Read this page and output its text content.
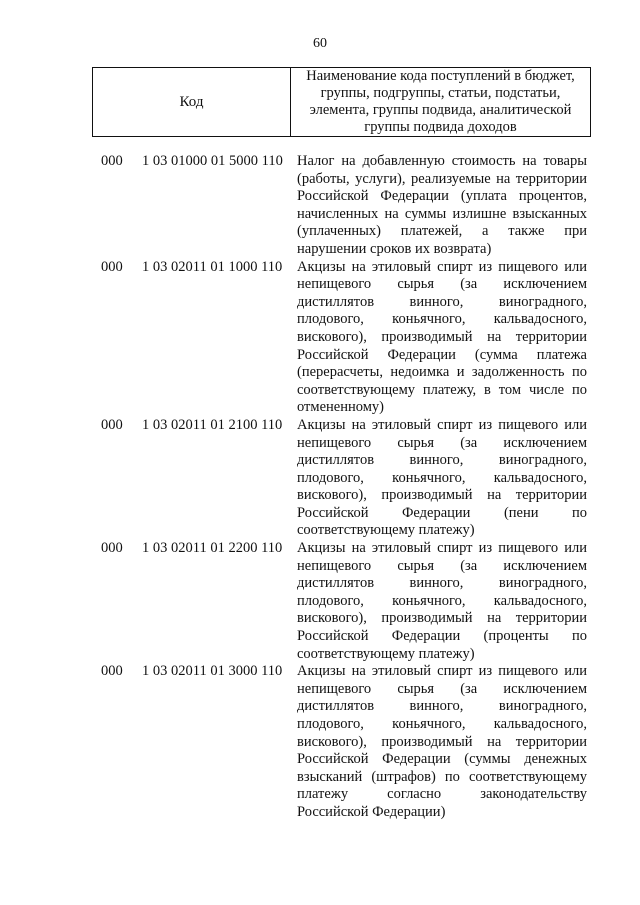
60
Код
Наименование кода поступлений в бюджет, группы, подгруппы, статьи, подстатьи, элемента, группы подвида, аналитической группы подвида доходов
000 1 03 01000 01 5000 110 Налог на добавленную стоимость на товары (работы, услуги), реализуемые на территории Российской Федерации (уплата процентов, начисленных на суммы излишне взысканных (уплаченных) платежей, а также при нарушении сроков их возврата)
000 1 03 02011 01 1000 110 Акцизы на этиловый спирт из пищевого или непищевого сырья (за исключением дистиллятов винного, виноградного, плодового, коньячного, кальвадосного, вискового), производимый на территории Российской Федерации (сумма платежа (перерасчеты, недоимка и задолженность по соответствующему платежу, в том числе по отмененному)
000 1 03 02011 01 2100 110 Акцизы на этиловый спирт из пищевого или непищевого сырья (за исключением дистиллятов винного, виноградного, плодового, коньячного, кальвадосного, вискового), производимый на территории Российской Федерации (пени по соответствующему платежу)
000 1 03 02011 01 2200 110 Акцизы на этиловый спирт из пищевого или непищевого сырья (за исключением дистиллятов винного, виноградного, плодового, коньячного, кальвадосного, вискового), производимый на территории Российской Федерации (проценты по соответствующему платежу)
000 1 03 02011 01 3000 110 Акцизы на этиловый спирт из пищевого или непищевого сырья (за исключением дистиллятов винного, виноградного, плодового, коньячного, кальвадосного, вискового), производимый на территории Российской Федерации (суммы денежных взысканий (штрафов) по соответствующему платежу согласно законодательству Российской Федерации)
